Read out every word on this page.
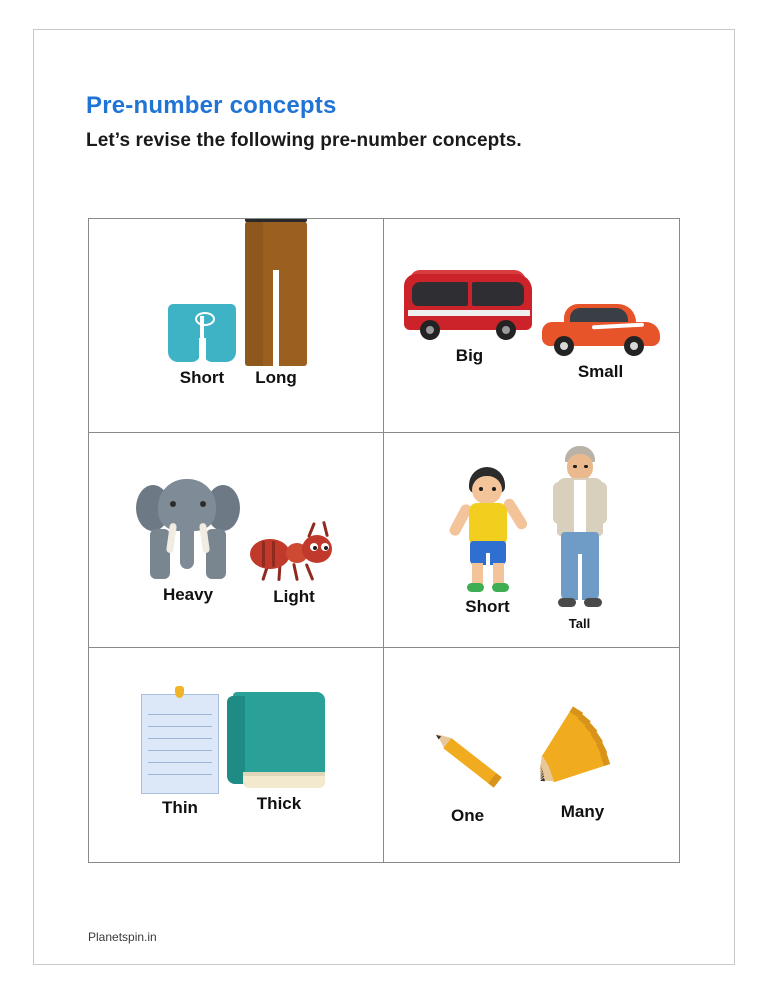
Pre-number concepts
Let’s revise the following pre-number concepts.
Short Long
Big
Small
Heavy	Light
Short
Tall
Thin	Thick
One	Many
Planetspin.in
